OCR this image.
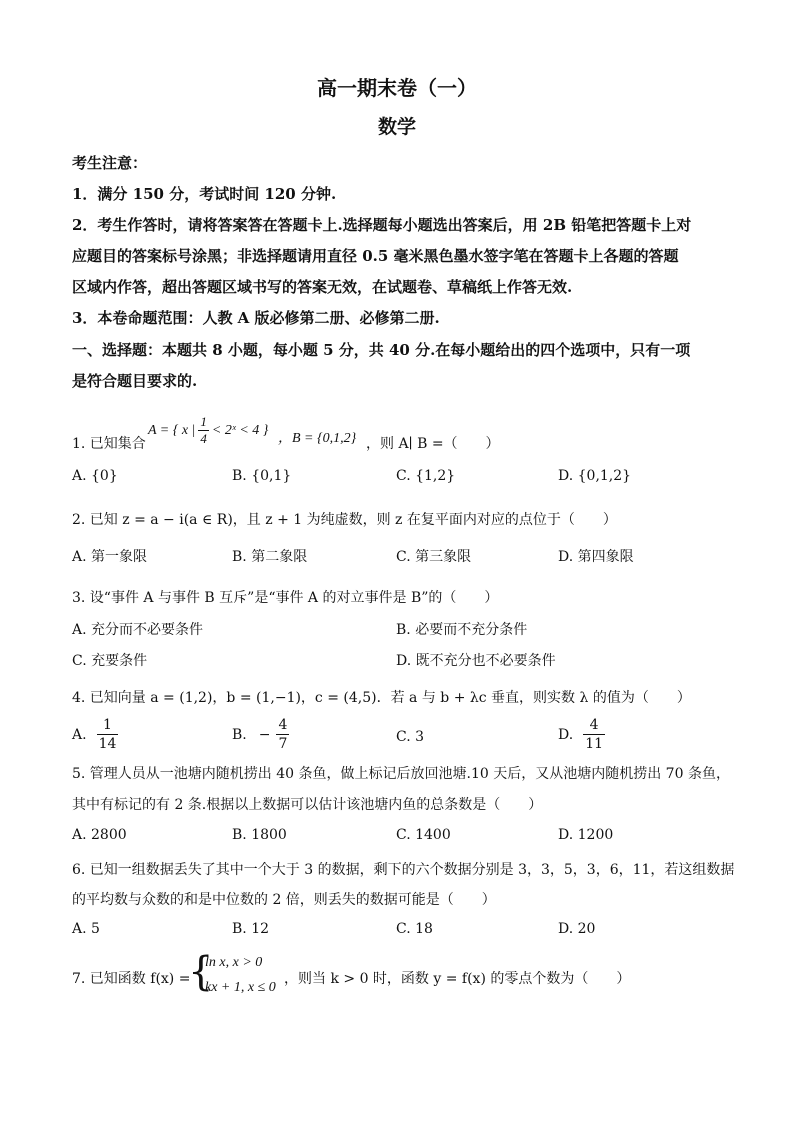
高一期末卷（一）
数学
考生注意：
1．满分 150 分，考试时间 120 分钟.
2．考生作答时，请将答案答在答题卡上.选择题每小题选出答案后，用 2B 铅笔把答题卡上对
应题目的答案标号涂黑；非选择题请用直径 0.5 毫米黑色墨水签字笔在答题卡上各题的答题
区域内作答，超出答题区域书写的答案无效，在试题卷、草稿纸上作答无效.
3．本卷命题范围：人教 A 版必修第二册、必修第二册.
一、选择题：本题共 8 小题，每小题 5 分，共 40 分.在每小题给出的四个选项中，只有一项
是符合题目要求的.
1. 已知集合
A = { x | $\frac{1}{4}$ < 2ˣ < 4 }
，B = {0,1,2} ，则 A∣ B =（　　）
A. {0}	B. {0,1}	C. {1,2}	D. {0,1,2}
2. 已知 z = a − i(a ∈ R)，且 z + 1 为纯虚数，则 z 在复平面内对应的点位于（　　）
A. 第一象限	B. 第二象限	C. 第三象限	D. 第四象限
3. 设“事件 A 与事件 B 互斥”是“事件 A 的对立事件是 B”的（　　）
A. 充分而不必要条件	B. 必要而不充分条件
C. 充要条件	D. 既不充分也不必要条件
4. 已知向量 a = (1,2)，b = (1,−1)，c = (4,5)．若 a 与 b + λc 垂直，则实数 λ 的值为（　　）
A. $\frac{1}{14}$	B. − $\frac{4}{7}$	C. 3	D. $\frac{4}{11}$
5. 管理人员从一池塘内随机捞出 40 条鱼，做上标记后放回池塘.10 天后，又从池塘内随机捞出 70 条鱼，
其中有标记的有 2 条.根据以上数据可以估计该池塘内鱼的总条数是（　　）
A. 2800	B. 1800	C. 1400	D. 1200
6. 已知一组数据丢失了其中一个大于 3 的数据，剩下的六个数据分别是 3，3，5，3，6，11，若这组数据
的平均数与众数的和是中位数的 2 倍，则丢失的数据可能是（　　）
A. 5	B. 12	C. 18	D. 20
7. 已知函数 f(x) =
{
ln x, x > 0
kx + 1, x ≤ 0
，则当 k > 0 时，函数 y = f(x) 的零点个数为（　　）
